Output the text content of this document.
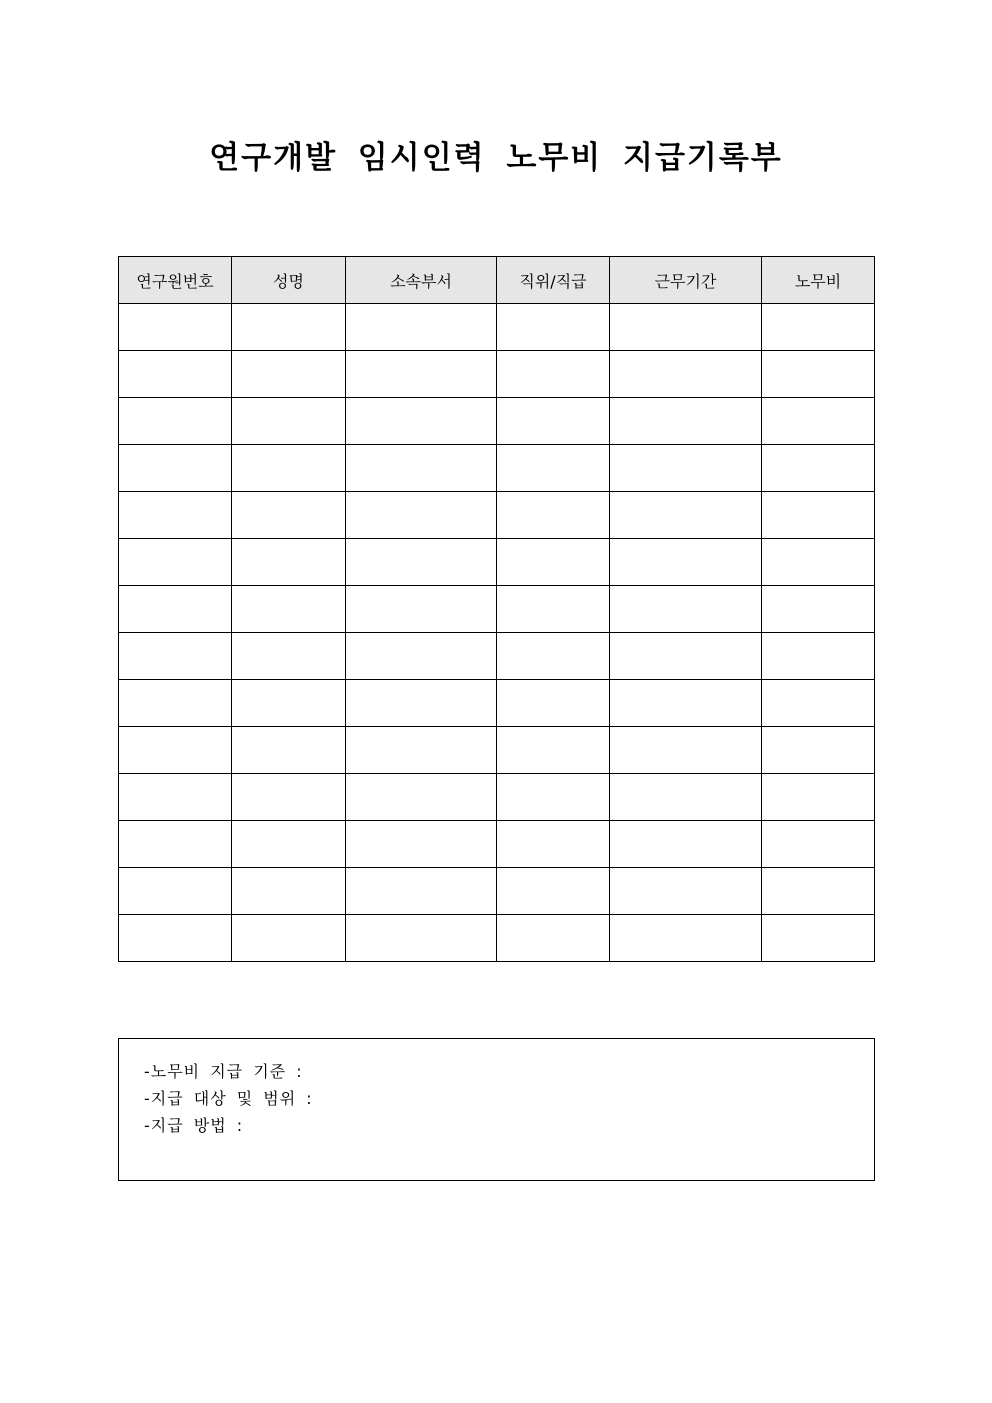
연구개발 임시인력 노무비 지급기록부
연구원번호	성명	소속부서	직위/직급	근무기간	노무비

-노무비 지급 기준 :
-지급 대상 및 범위 :
-지급 방법 :
